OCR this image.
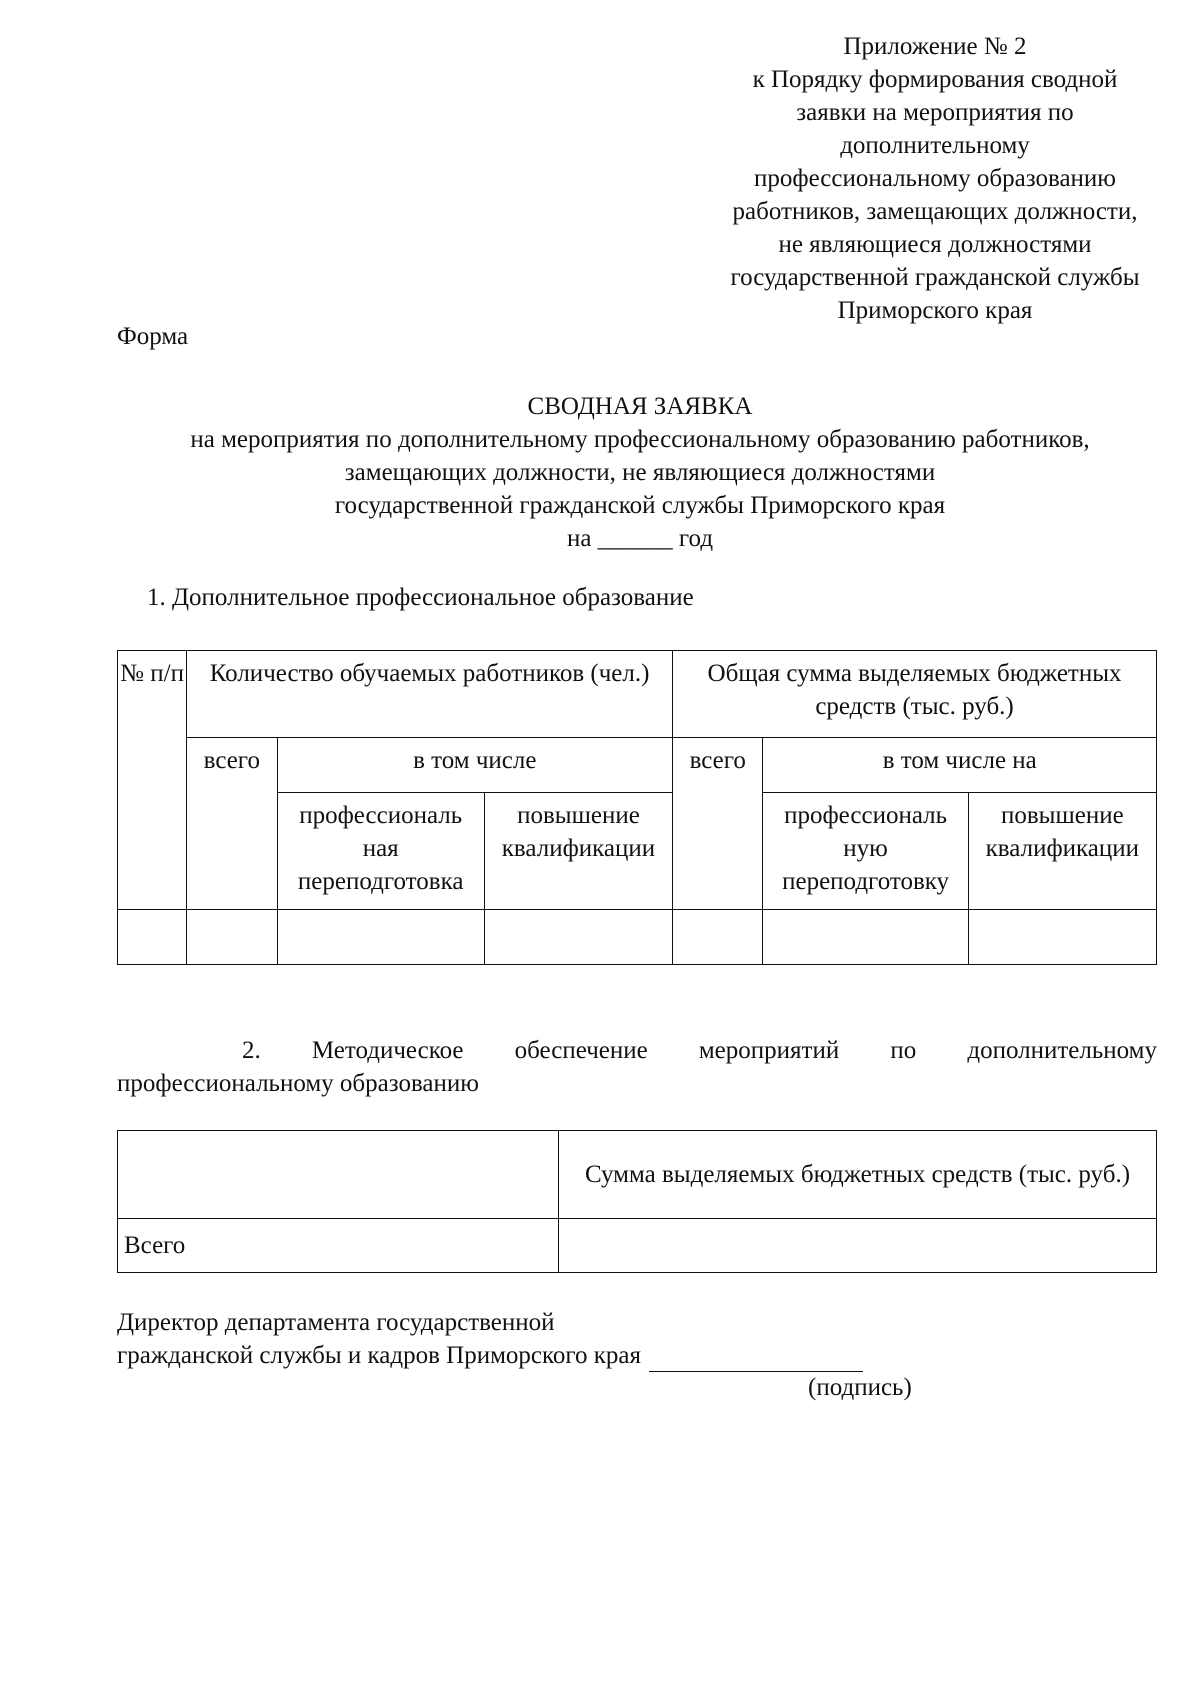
Приложение № 2
к Порядку формирования сводной
заявки на мероприятия по
дополнительному
профессиональному образованию
работников, замещающих должности,
не являющиеся должностями
государственной гражданской службы
Приморского края
Форма
СВОДНАЯ ЗАЯВКА
на мероприятия по дополнительному профессиональному образованию работников,
замещающих должности, не являющиеся должностями
государственной гражданской службы Приморского края
на ______ год
1. Дополнительное профессиональное образование
№ п/п	Количество обучаемых работников (чел.)			Общая сумма выделяемых бюджетных средств (тыс. руб.)		
	всего	в том числе		всего	в том числе на	
		профессиональ ная переподготовка	повышение квалификации		профессиональ ную переподготовку	повышение квалификации

2. Методическое обеспечение мероприятий по дополнительному
профессиональному образованию
	Сумма выделяемых бюджетных средств (тыс. руб.)
Всего	
Директор департамента государственной
гражданской службы и кадров Приморского края
(подпись)
